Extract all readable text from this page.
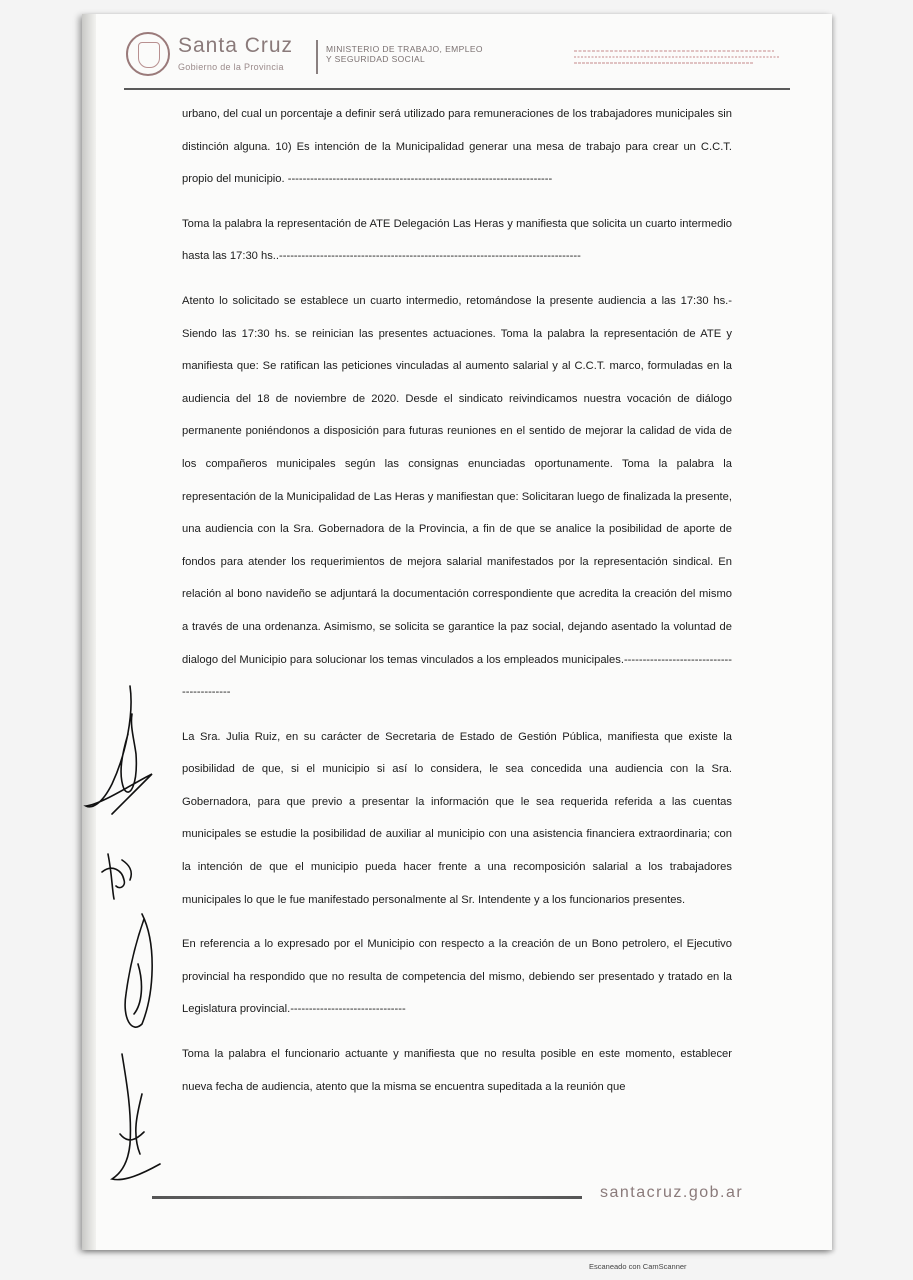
Santa Cruz
Gobierno de la Provincia
MINISTERIO DE TRABAJO, EMPLEO
Y SEGURIDAD SOCIAL

urbano, del cual un porcentaje a definir será utilizado para remuneraciones de los trabajadores municipales sin distinción alguna. 10) Es intención de la Municipalidad generar una mesa de trabajo para crear un C.C.T. propio del municipio. -----------------------------------------------------------------------

Toma la palabra la representación de ATE Delegación Las Heras y manifiesta que solicita un cuarto intermedio hasta las 17:30 hs..---------------------------------------------------------------------------------

Atento lo solicitado se establece un cuarto intermedio, retomándose la presente audiencia a las 17:30 hs.- Siendo las 17:30 hs. se reinician las presentes actuaciones. Toma la palabra la representación de ATE y manifiesta que: Se ratifican las peticiones vinculadas al aumento salarial y al C.C.T. marco, formuladas en la audiencia del 18 de noviembre de 2020. Desde el sindicato reivindicamos nuestra vocación de diálogo permanente poniéndonos a disposición para futuras reuniones en el sentido de mejorar la calidad de vida de los compañeros municipales según las consignas enunciadas oportunamente. Toma la palabra la representación de la Municipalidad de Las Heras y manifiestan que: Solicitaran luego de finalizada la presente, una audiencia con la Sra. Gobernadora de la Provincia, a fin de que se analice la posibilidad de aporte de fondos para atender los requerimientos de mejora salarial manifestados por la representación sindical. En relación al bono navideño se adjuntará la documentación correspondiente que acredita la creación del mismo a través de una ordenanza. Asimismo, se solicita se garantice la paz social, dejando asentado la voluntad de dialogo del Municipio para solucionar los temas vinculados a los empleados municipales.------------------------------------------

La Sra. Julia Ruiz, en su carácter de Secretaria de Estado de Gestión Pública, manifiesta que existe la posibilidad de que, si el municipio si así lo considera, le sea concedida una audiencia con la Sra. Gobernadora, para que previo a presentar la información que le sea requerida referida a las cuentas municipales se estudie la posibilidad de auxiliar al municipio con una asistencia financiera extraordinaria; con la intención de que el municipio pueda hacer frente a una recomposición salarial a los trabajadores municipales lo que le fue manifestado personalmente al Sr. Intendente y a los funcionarios presentes.

En referencia a lo expresado por el Municipio con respecto a la creación de un Bono petrolero, el Ejecutivo provincial ha respondido que no resulta de competencia del mismo, debiendo ser presentado y tratado en la Legislatura provincial.-------------------------------

Toma la palabra el funcionario actuante y manifiesta que no resulta posible en este momento, establecer nueva fecha de audiencia, atento que la misma se encuentra supeditada a la reunión que

santacruz.gob.ar
Escaneado con CamScanner
